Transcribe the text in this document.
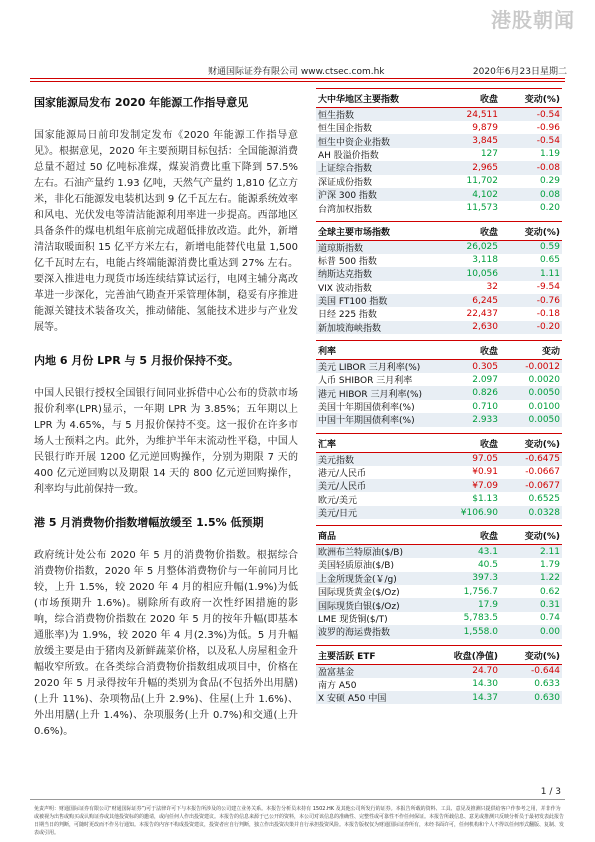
港股朝闻
财通国际证券有限公司 www.ctsec.com.hk	2020年6月23日星期二
国家能源局发布 2020 年能源工作指导意见
国家能源局日前印发制定发布《2020 年能源工作指导意见》。根据意见，2020 年主要预期目标包括：全国能源消费总量不超过 50 亿吨标准煤，煤炭消费比重下降到 57.5% 左右。石油产量约 1.93 亿吨，天然气产量约 1,810 亿立方米，非化石能源发电装机达到 9 亿千瓦左右。能源系统效率和风电、光伏发电等清洁能源利用率进一步提高。西部地区具备条件的煤电机组年底前完成超低排放改造。此外，新增清洁取暖面积 15 亿平方米左右，新增电能替代电量 1,500 亿千瓦时左右，电能占终端能源消费比重达到 27% 左右。要深入推进电力现货市场连续结算试运行，电网主辅分离改革进一步深化，完善油气勘查开采管理体制，稳妥有序推进能源关键技术装备攻关，推动储能、氢能技术进步与产业发展等。
内地 6 月份 LPR 与 5 月报价保持不变。
中国人民银行授权全国银行间同业拆借中心公布的贷款市场报价利率(LPR)显示，一年期 LPR 为 3.85%；五年期以上 LPR 为 4.65%，与 5 月报价保持不变。这一报价在许多市场人士预料之内。此外，为维护半年末流动性平稳，中国人民银行昨开展 1200 亿元逆回购操作，分别为期限 7 天的 400 亿元逆回购以及期限 14 天的 800 亿元逆回购操作，利率均与此前保持一致。
港 5 月消费物价指数增幅放缓至 1.5% 低预期
政府统计处公布 2020 年 5 月的消费物价指数。根据综合消费物价指数，2020 年 5 月整体消费物价与一年前同月比较，上升 1.5%，较 2020 年 4 月的相应升幅(1.9%)为低(市场预期升 1.6%)。剔除所有政府一次性纾困措施的影响，综合消费物价指数在 2020 年 5 月的按年升幅(即基本通胀率)为 1.9%，较 2020 年 4 月(2.3%)为低。5 月升幅放缓主要是由于猪肉及新鲜蔬菜价格，以及私人房屋租金升幅收窄所致。在各类综合消费物价指数组成项目中，价格在 2020 年 5 月录得按年升幅的类别为食品(不包括外出用膳)(上升 11%)、杂项物品(上升 2.9%)、住屋(上升 1.6%)、外出用膳(上升 1.4%)、杂项服务(上升 0.7%)和交通(上升 0.6%)。
大中华地区主要指数	收盘	变动(%)
恒生指数	24,511	-0.54
恒生国企指数	9,879	-0.96
恒生中资企业指数	3,845	-0.54
AH 股溢价指数	127	1.19
上证综合指数	2,965	-0.08
深证成份指数	11,702	0.29
沪深 300 指数	4,102	0.08
台湾加权指数	11,573	0.20
全球主要市场指数	收盘	变动(%)
道琼斯指数	26,025	0.59
标普 500 指数	3,118	0.65
纳斯达克指数	10,056	1.11
VIX 波动指数	32	-9.54
美国 FT100 指数	6,245	-0.76
日经 225 指数	22,437	-0.18
新加坡海峡指数	2,630	-0.20
利率	收盘	变动
美元 LIBOR 三月利率(%)	0.305	-0.0012
人币 SHIBOR 三月利率	2.097	0.0020
港元 HIBOR 三月利率(%)	0.826	0.0050
美国十年期国债利率(%)	0.710	0.0100
中国十年期国债利率(%)	2.933	0.0050
汇率	收盘	变动(%)
美元指数	97.05	-0.6475
港元/人民币	¥0.91	-0.0667
美元/人民币	¥7.09	-0.0677
欧元/美元	$1.13	0.6525
美元/日元	¥106.90	0.0328
商品	收盘	变动(%)
欧洲布兰特原油($/B)	43.1	2.11
美国轻质原油($/B)	40.5	1.79
上金所现货金(￥/g)	397.3	1.22
国际现货黄金($/Oz)	1,756.7	0.62
国际现货白银($/Oz)	17.9	0.31
LME 现货铜($/T)	5,783.5	0.74
波罗的海运费指数	1,558.0	0.00
主要活跃 ETF	收盘(净值)	变动(%)
盈富基金	24.70	-0.644
南方 A50	14.30	0.633
X 安硕 A50 中国	14.37	0.630
1 / 3
免责声明：财通国际证券有限公司“财通国际证券”)可于法律许可下与本报告所涉及的公司建立业务关系。本报告分析员未持有 1502.HK 及其他公司所发行的证券。本报告所载的资料、工具、意见及推测只提供给客户作参考之用，并非作为或被视为出售或购买或认购证券或其他投资标的的邀请，或向任何人作出投资建议。本报告的信息来源于已公开的资料，本公司对该信息的准确性、完整性或可靠性不作任何保证。本报告所载信息、意见或推测只反映分析员于最初发表此报告日期当日的判断，可随时更改而不作另行通知。本报告的内容不构成投资建议，投资者应自行判断，独立作出投资决策并自行承担投资风险。本报告版权仅为财通国际证券所有，未经书面许可，任何机构和个人不得以任何形式翻版、复制、发表或引用。
